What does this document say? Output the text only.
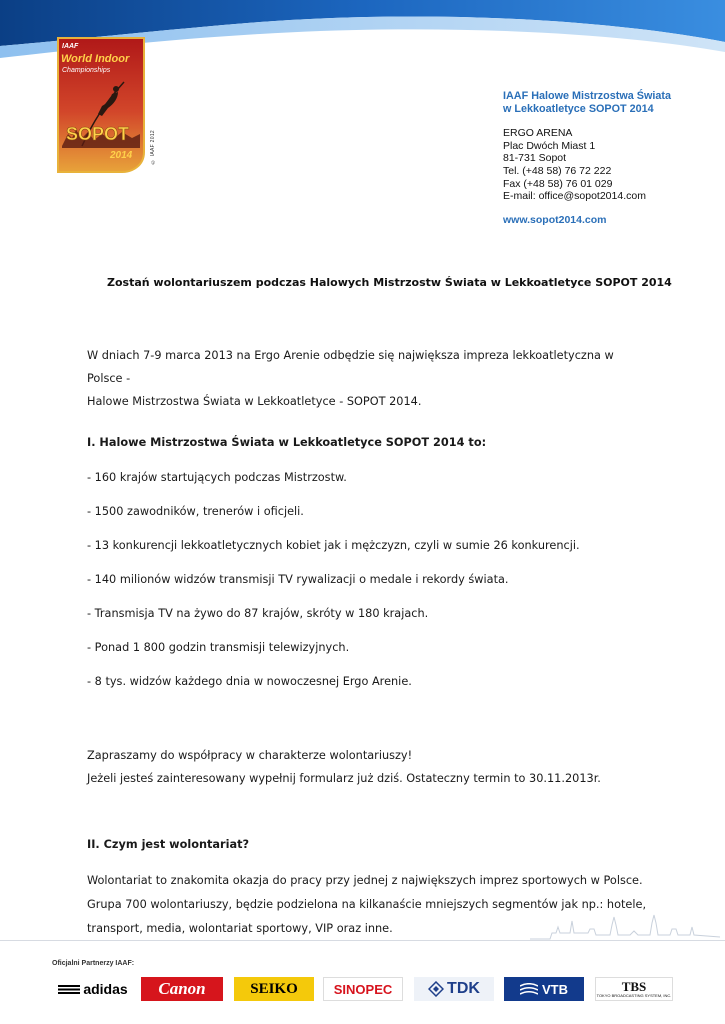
IAAF
World Indoor
Championships
SOPOT
2014	© IAAF 2012
IAAF Halowe Mistrzostwa Świata
w Lekkoatletyce SOPOT 2014
ERGO ARENA
Plac Dwóch Miast 1
81-731 Sopot
Tel. (+48 58) 76 72 222
Fax (+48 58) 76 01 029
E-mail: office@sopot2014.com
www.sopot2014.com
Zostań wolontariuszem podczas Halowych Mistrzostw Świata w Lekkoatletyce SOPOT 2014
W dniach 7-9 marca 2013 na Ergo Arenie odbędzie się największa impreza lekkoatletyczna w Polsce -
Halowe Mistrzostwa Świata w Lekkoatletyce - SOPOT 2014.
I. Halowe Mistrzostwa Świata w Lekkoatletyce SOPOT 2014 to:
- 160 krajów startujących podczas Mistrzostw.
- 1500 zawodników, trenerów i oficjeli.
- 13 konkurencji lekkoatletycznych kobiet jak i mężczyzn, czyli w sumie 26 konkurencji.
- 140 milionów widzów transmisji TV rywalizacji o medale i rekordy świata.
- Transmisja TV na żywo do 87 krajów, skróty w 180 krajach.
- Ponad 1 800 godzin transmisji telewizyjnych.
- 8 tys. widzów każdego dnia w nowoczesnej Ergo Arenie.
Zapraszamy do współpracy w charakterze wolontariuszy!
Jeżeli jesteś zainteresowany wypełnij formularz już dziś. Ostateczny termin to 30.11.2013r.
II. Czym jest wolontariat?
Wolontariat to znakomita okazja do pracy przy jednej z największych imprez sportowych w Polsce.
Grupa 700 wolontariuszy, będzie podzielona na kilkanaście mniejszych segmentów jak np.: hotele,
transport, media, wolontariat sportowy, VIP oraz inne.
Oficjalni Partnerzy IAAF:
adidas	Canon	SEIKO	SINOPEC	TDK	VTB	TBS
TOKYO BROADCASTING SYSTEM, INC.
